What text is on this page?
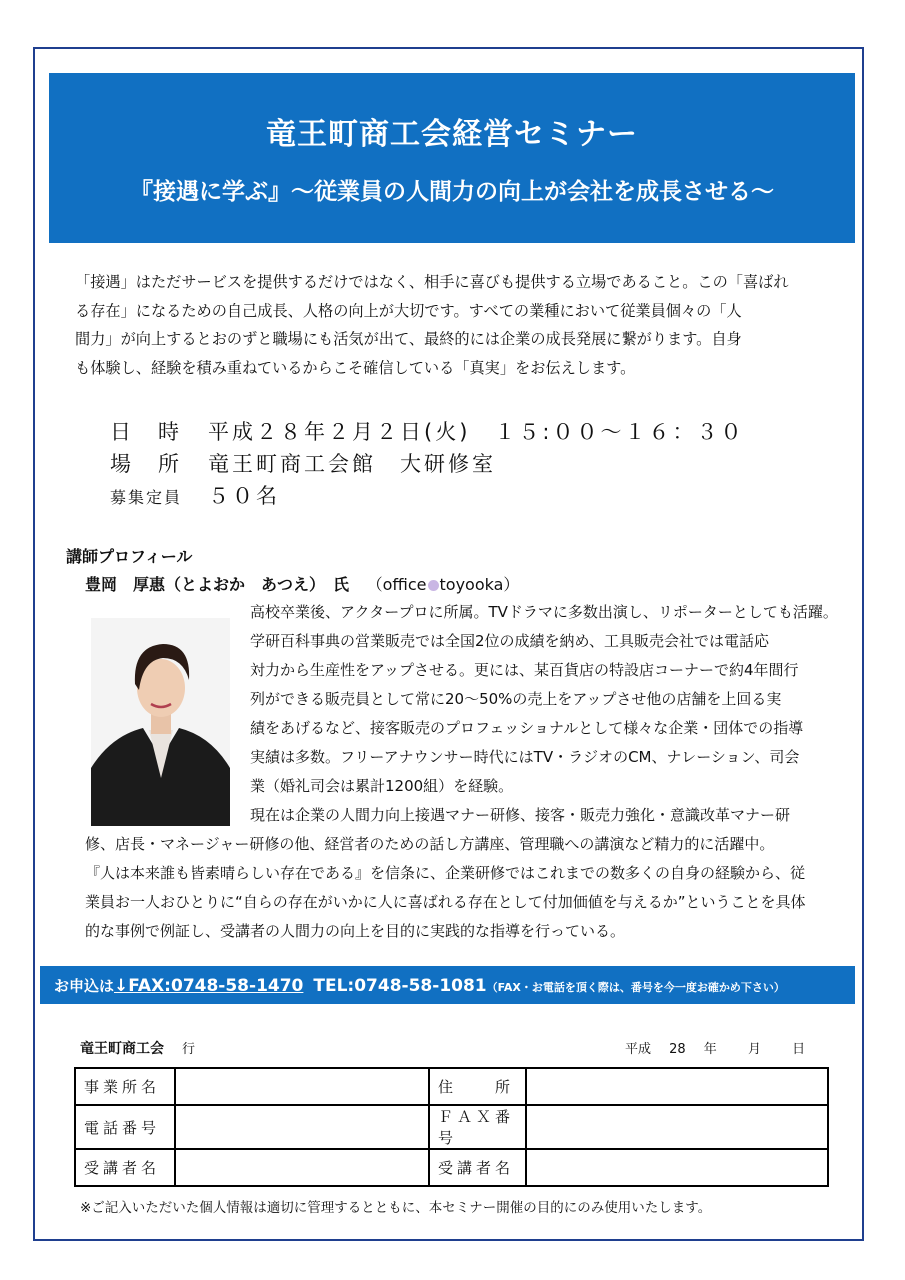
竜王町商工会経営セミナー
『接遇に学ぶ』～従業員の人間力の向上が会社を成長させる～

「接遇」はただサービスを提供するだけではなく、相手に喜びも提供する立場であること。この「喜ばれ

る存在」になるための自己成長、人格の向上が大切です。すべての業種において従業員個々の「人

間力」が向上するとおのずと職場にも活気が出て、最終的には企業の成長発展に繋がります。自身

も体験し、経験を積み重ねているからこそ確信している「真実」をお伝えします。

日　時 平成２８年２月２日(火)　１５:００～１６：３０
場　所 竜王町商工会館　大研修室
募集定員 ５０名
講師プロフィール
豊岡　厚惠（とよおか　あつえ）　氏 （office toyooka）

高校卒業後、アクタープロに所属。TVドラマに多数出演し、リポーターとしても活躍。

学研百科事典の営業販売では全国2位の成績を納め、工具販売会社では電話応

対力から生産性をアップさせる。更には、某百貨店の特設店コーナーで約4年間行

列ができる販売員として常に20～50%の売上をアップさせ他の店舗を上回る実

績をあげるなど、接客販売のプロフェッショナルとして様々な企業・団体での指導

実績は多数。フリーアナウンサー時代にはTV・ラジオのCM、ナレーション、司会

業（婚礼司会は累計1200組）を経験。

現在は企業の人間力向上接遇マナー研修、接客・販売力強化・意識改革マナー研

修、店長・マネージャー研修の他、経営者のための話し方講座、管理職への講演など精力的に活躍中。

『人は本来誰も皆素晴らしい存在である』を信条に、企業研修ではこれまでの数多くの自身の経験から、従

業員お一人おひとりに“自らの存在がいかに人に喜ばれる存在として付加価値を与えるか”ということを具体

的な事例で例証し、受講者の人間力の向上を目的に実践的な指導を行っている。

お申込は↓FAX:0748-58-1470 TEL:0748-58-1081（FAX・お電話を頂く際は、番号を今一度お確かめ下さい）
竜王町商工会 行	平成 28 年 　月 　日
事業所名		住　　所	
電話番号		ＦＡＸ番号	
受講者名		受講者名	
※ご記入いただいた個人情報は適切に管理するとともに、本セミナー開催の目的にのみ使用いたします。
